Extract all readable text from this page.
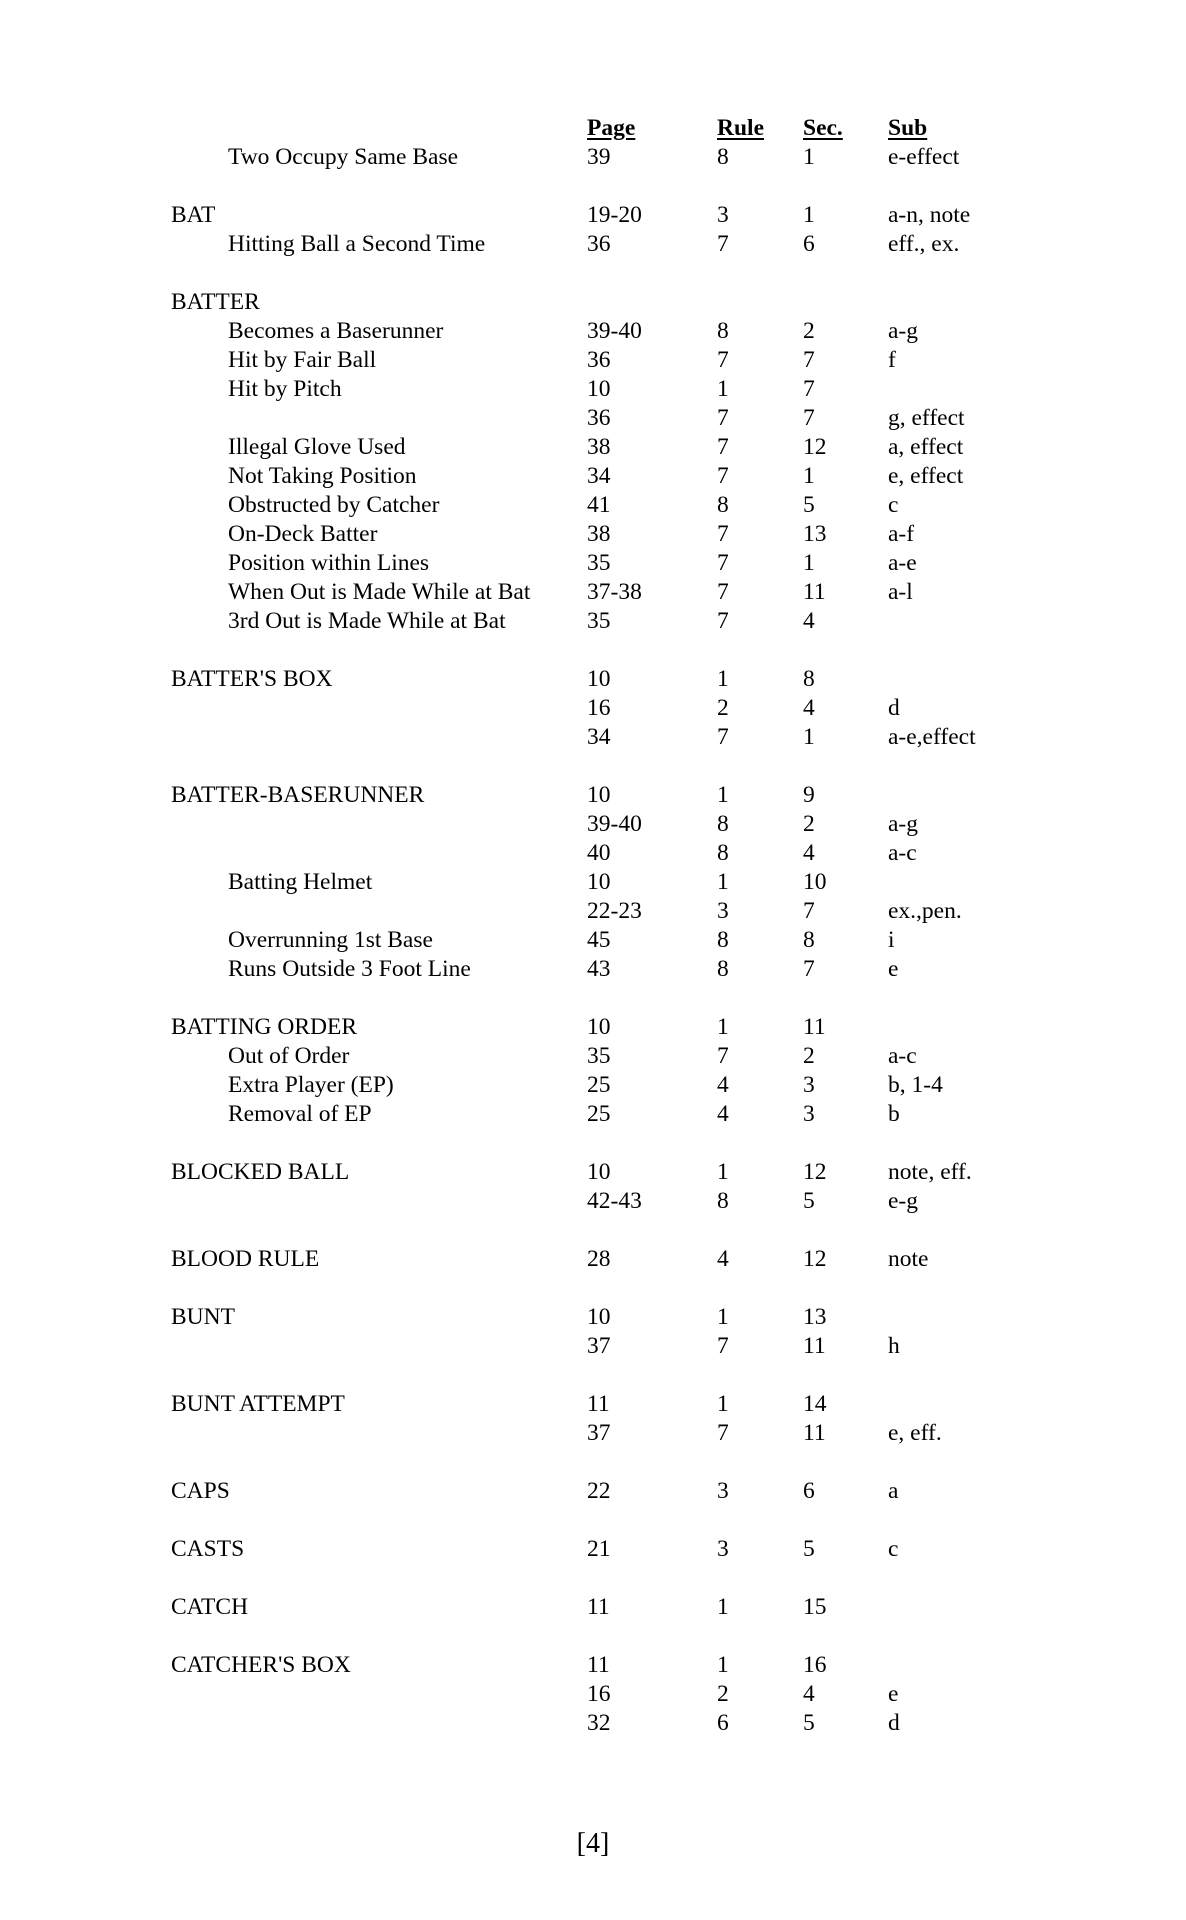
Page	Rule Sec. Sub
Two Occupy Same Base	39	8	1	e-effect
BAT	19-20	3	1	a-n, note
Hitting Ball a Second Time	36	7	6	eff., ex.
BATTER
Becomes a Baserunner	39-40	8	2	a-g
Hit by Fair Ball	36	7	7	f
Hit by Pitch	10	1	7
36	7	7	g, effect
Illegal Glove Used	38	7	12	a, effect
Not Taking Position	34	7	1	e, effect
Obstructed by Catcher	41	8	5	c
On-Deck Batter	38	7	13	a-f
Position within Lines	35	7	1	a-e
When Out is Made While at Bat 37-38	7	11	a-l
3rd Out is Made While at Bat	35	7	4
BATTER'S BOX	10	1	8
16	2	4	d
34	7	1	a-e,effect
BATTER-BASERUNNER	10	1	9
39-40	8	2	a-g
40	8	4	a-c
Batting Helmet	10	1	10
22-23	3	7	ex.,pen.
Overrunning 1st Base	45	8	8	i
Runs Outside 3 Foot Line	43	8	7	e
BATTING ORDER	10	1	11
Out of Order	35	7	2	a-c
Extra Player (EP)	25	4	3	b, 1-4
Removal of EP	25	4	3	b
BLOCKED BALL	10	1	12	note, eff.
42-43	8	5	e-g
BLOOD RULE	28	4	12	note
BUNT	10	1	13
37	7	11	h
BUNT ATTEMPT	11	1	14
37	7	11	e, eff.
CAPS	22	3	6	a
CASTS	21	3	5	c
CATCH	11	1	15
CATCHER'S BOX	11	1	16
16	2	4	e
32	6	5	d
[4]
